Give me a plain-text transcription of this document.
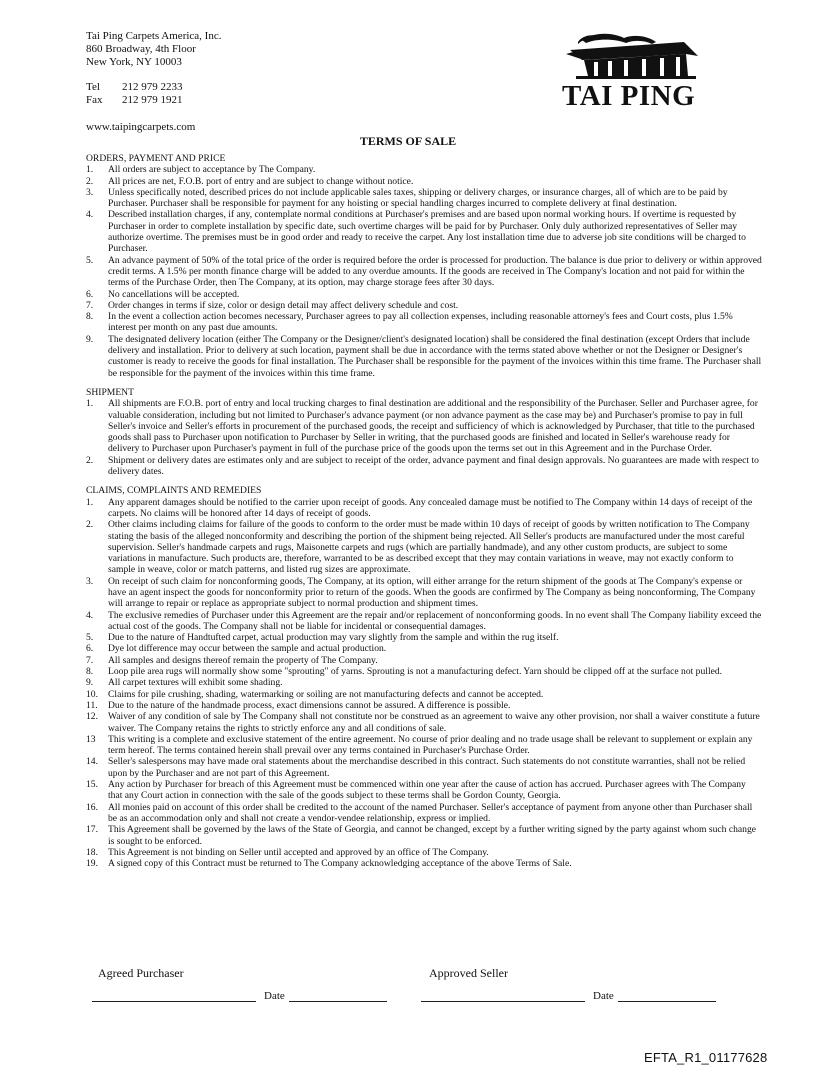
Tai Ping Carpets America, Inc.
860 Broadway, 4th Floor
New York, NY 10003
Tel	212 979 2233
Fax	212 979 1921
www.taipingcarpets.com
TAI PING
TERMS OF SALE
ORDERS, PAYMENT AND PRICE
1.	All orders are subject to acceptance by The Company.
2.	All prices are net, F.O.B. port of entry and are subject to change without notice.
3.	Unless specifically noted, described prices do not include applicable sales taxes, shipping or delivery charges, or insurance charges, all of which are to be paid by Purchaser. Purchaser shall be responsible for payment for any hoisting or special handling charges incurred to complete delivery at final destination.
4.	Described installation charges, if any, contemplate normal conditions at Purchaser's premises and are based upon normal working hours. If overtime is requested by Purchaser in order to complete installation by specific date, such overtime charges will be paid for by Purchaser. Only duly authorized representatives of Seller may authorize overtime. The premises must be in good order and ready to receive the carpet. Any lost installation time due to adverse job site conditions will be charged to Purchaser.
5.	An advance payment of 50% of the total price of the order is required before the order is processed for production. The balance is due prior to delivery or within approved credit terms. A 1.5% per month finance charge will be added to any overdue amounts. If the goods are received in The Company's location and not paid for within the terms of the Purchase Order, then The Company, at its option, may charge storage fees after 30 days.
6.	No cancellations will be accepted.
7.	Order changes in terms if size, color or design detail may affect delivery schedule and cost.
8.	In the event a collection action becomes necessary, Purchaser agrees to pay all collection expenses, including reasonable attorney's fees and Court costs, plus 1.5% interest per month on any past due amounts.
9.	The designated delivery location (either The Company or the Designer/client's designated location) shall be considered the final destination (except Orders that include delivery and installation. Prior to delivery at such location, payment shall be due in accordance with the terms stated above whether or not the Designer or Designer's customer is ready to receive the goods for final installation. The Purchaser shall be responsible for the payment of the invoices within this time frame. The Purchaser shall be responsible for the payment of the invoices within this time frame.
SHIPMENT
1.	All shipments are F.O.B. port of entry and local trucking charges to final destination are additional and the responsibility of the Purchaser. Seller and Purchaser agree, for valuable consideration, including but not limited to Purchaser's advance payment (or non advance payment as the case may be) and Purchaser's promise to pay in full Seller's invoice and Seller's efforts in procurement of the purchased goods, the receipt and sufficiency of which is acknowledged by Purchaser, that title to the purchased goods shall pass to Purchaser upon notification to Purchaser by Seller in writing, that the purchased goods are finished and located in Seller's warehouse ready for delivery to Purchaser upon Purchaser's payment in full of the purchase price of the goods upon the terms set out in this Agreement and in the Purchase Order.
2.	Shipment or delivery dates are estimates only and are subject to receipt of the order, advance payment and final design approvals. No guarantees are made with respect to delivery dates.
CLAIMS, COMPLAINTS AND REMEDIES
1.	Any apparent damages should be notified to the carrier upon receipt of goods. Any concealed damage must be notified to The Company within 14 days of receipt of the carpets. No claims will be honored after 14 days of receipt of goods.
2.	Other claims including claims for failure of the goods to conform to the order must be made within 10 days of receipt of goods by written notification to The Company stating the basis of the alleged nonconformity and describing the portion of the shipment being rejected. All Seller's products are manufactured under the most careful supervision. Seller's handmade carpets and rugs, Maisonette carpets and rugs (which are partially handmade), and any other custom products, are subject to some variations in manufacture. Such products are, therefore, warranted to be as described except that they may contain variations in weave, may not exactly conform to sample in weave, color or match patterns, and listed rug sizes are approximate.
3.	On receipt of such claim for nonconforming goods, The Company, at its option, will either arrange for the return shipment of the goods at The Company's expense or have an agent inspect the goods for nonconformity prior to return of the goods. When the goods are confirmed by The Company as being nonconforming, The Company will arrange to repair or replace as appropriate subject to normal production and shipment times.
4.	The exclusive remedies of Purchaser under this Agreement are the repair and/or replacement of nonconforming goods. In no event shall The Company liability exceed the actual cost of the goods. The Company shall not be liable for incidental or consequential damages.
5.	Due to the nature of Handtufted carpet, actual production may vary slightly from the sample and within the rug itself.
6.	Dye lot difference may occur between the sample and actual production.
7.	All samples and designs thereof remain the property of The Company.
8.	Loop pile area rugs will normally show some "sprouting" of yarns. Sprouting is not a manufacturing defect. Yarn should be clipped off at the surface not pulled.
9.	All carpet textures will exhibit some shading.
10.	Claims for pile crushing, shading, watermarking or soiling are not manufacturing defects and cannot be accepted.
11.	Due to the nature of the handmade process, exact dimensions cannot be assured. A difference is possible.
12.	Waiver of any condition of sale by The Company shall not constitute nor be construed as an agreement to waive any other provision, nor shall a waiver constitute a future waiver. The Company retains the rights to strictly enforce any and all conditions of sale.
13	This writing is a complete and exclusive statement of the entire agreement. No course of prior dealing and no trade usage shall be relevant to supplement or explain any term hereof. The terms contained herein shall prevail over any terms contained in Purchaser's Purchase Order.
14.	Seller's salespersons may have made oral statements about the merchandise described in this contract. Such statements do not constitute warranties, shall not be relied upon by the Purchaser and are not part of this Agreement.
15.	Any action by Purchaser for breach of this Agreement must be commenced within one year after the cause of action has accrued. Purchaser agrees with The Company that any Court action in connection with the sale of the goods subject to these terms shall be Gordon County, Georgia.
16.	All monies paid on account of this order shall be credited to the account of the named Purchaser. Seller's acceptance of payment from anyone other than Purchaser shall be as an accommodation only and shall not create a vendor-vendee relationship, express or implied.
17.	This Agreement shall be governed by the laws of the State of Georgia, and cannot be changed, except by a further writing signed by the party against whom such change is sought to be enforced.
18.	This Agreement is not binding on Seller until accepted and approved by an office of The Company.
19.	A signed copy of this Contract must be returned to The Company acknowledging acceptance of the above Terms of Sale.
Agreed Purchaser	Approved Seller
Date	Date
EFTA_R1_01177628
